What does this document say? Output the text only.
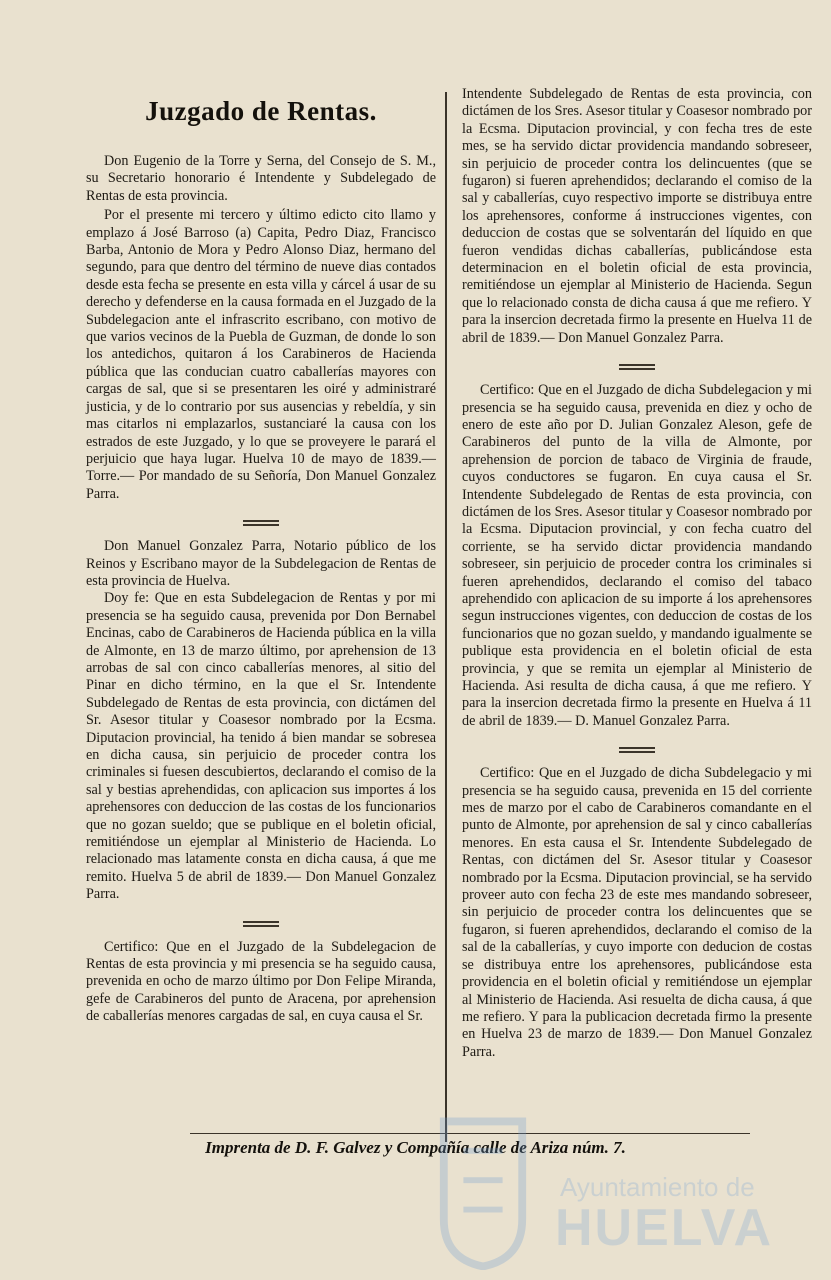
Juzgado de Rentas.

Don Eugenio de la Torre y Serna, del Consejo de S. M., su Secretario honorario é Intendente y Subdelegado de Rentas de esta provincia.

Por el presente mi tercero y último edicto cito llamo y emplazo á José Barroso (a) Capita, Pedro Diaz, Francisco Barba, Antonio de Mora y Pedro Alonso Diaz, hermano del segundo, para que dentro del término de nueve dias contados desde esta fecha se presente en esta villa y cárcel á usar de su derecho y defenderse en la causa formada en el Juzgado de la Subdelegacion ante el infrascrito escribano, con motivo de que varios vecinos de la Puebla de Guzman, de donde lo son los antedichos, quitaron á los Carabineros de Hacienda pública que las conducian cuatro caballerías mayores con cargas de sal, que si se presentaren les oiré y administraré justicia, y de lo contrario por sus ausencias y rebeldía, y sin mas citarlos ni emplazarlos, sustanciaré la causa con los estrados de este Juzgado, y lo que se proveyere le parará el perjuicio que haya lugar. Huelva 10 de mayo de 1839.— Torre.— Por mandado de su Señoría, Don Manuel Gonzalez Parra.

Don Manuel Gonzalez Parra, Notario público de los Reinos y Escribano mayor de la Subdelegacion de Rentas de esta provincia de Huelva.

Doy fe: Que en esta Subdelegacion de Rentas y por mi presencia se ha seguido causa, prevenida por Don Bernabel Encinas, cabo de Carabineros de Hacienda pública en la villa de Almonte, en 13 de marzo último, por aprehension de 13 arrobas de sal con cinco caballerías menores, al sitio del Pinar en dicho término, en la que el Sr. Intendente Subdelegado de Rentas de esta provincia, con dictámen del Sr. Asesor titular y Coasesor nombrado por la Ecsma. Diputacion provincial, ha tenido á bien mandar se sobresea en dicha causa, sin perjuicio de proceder contra los criminales si fuesen descubiertos, declarando el comiso de la sal y bestias aprehendidas, con aplicacion sus importes á los aprehensores con deduccion de las costas de los funcionarios que no gozan sueldo; que se publique en el boletin oficial, remitiéndose un ejemplar al Ministerio de Hacienda. Lo relacionado mas latamente consta en dicha causa, á que me remito. Huelva 5 de abril de 1839.— Don Manuel Gonzalez Parra.

Certifico: Que en el Juzgado de la Subdelegacion de Rentas de esta provincia y mi presencia se ha seguido causa, prevenida en ocho de marzo último por Don Felipe Miranda, gefe de Carabineros del punto de Aracena, por aprehension de caballerías menores cargadas de sal, en cuya causa el Sr.

Intendente Subdelegado de Rentas de esta provincia, con dictámen de los Sres. Asesor titular y Coasesor nombrado por la Ecsma. Diputacion provincial, y con fecha tres de este mes, se ha servido dictar providencia mandando sobreseer, sin perjuicio de proceder contra los delincuentes (que se fugaron) si fueren aprehendidos; declarando el comiso de la sal y caballerías, cuyo respectivo importe se distribuya entre los aprehensores, conforme á instrucciones vigentes, con deduccion de costas que se solventarán del líquido en que fueron vendidas dichas caballerías, publicándose esta determinacion en el boletin oficial de esta provincia, remitiéndose un ejemplar al Ministerio de Hacienda. Segun que lo relacionado consta de dicha causa á que me refiero. Y para la insercion decretada firmo la presente en Huelva 11 de abril de 1839.— Don Manuel Gonzalez Parra.

Certifico: Que en el Juzgado de dicha Subdelegacion y mi presencia se ha seguido causa, prevenida en diez y ocho de enero de este año por D. Julian Gonzalez Aleson, gefe de Carabineros del punto de la villa de Almonte, por aprehension de porcion de tabaco de Virginia de fraude, cuyos conductores se fugaron. En cuya causa el Sr. Intendente Subdelegado de Rentas de esta provincia, con dictámen de los Sres. Asesor titular y Coasesor nombrado por la Ecsma. Diputacion provincial, y con fecha cuatro del corriente, se ha servido dictar providencia mandando sobreseer, sin perjuicio de proceder contra los criminales si fueren aprehendidos, declarando el comiso del tabaco aprehendido con aplicacion de su importe á los aprehensores segun instrucciones vigentes, con deduccion de costas de los funcionarios que no gozan sueldo, y mandando igualmente se publique esta providencia en el boletin oficial de esta provincia, y que se remita un ejemplar al Ministerio de Hacienda. Asi resulta de dicha causa, á que me refiero. Y para la insercion decretada firmo la presente en Huelva á 11 de abril de 1839.— D. Manuel Gonzalez Parra.

Certifico: Que en el Juzgado de dicha Subdelegacio y mi presencia se ha seguido causa, prevenida en 15 del corriente mes de marzo por el cabo de Carabineros comandante en el punto de Almonte, por aprehension de sal y cinco caballerías menores. En esta causa el Sr. Intendente Subdelegado de Rentas, con dictámen del Sr. Asesor titular y Coasesor nombrado por la Ecsma. Diputacion provincial, se ha servido proveer auto con fecha 23 de este mes mandando sobreseer, sin perjuicio de proceder contra los delincuentes que se fugaron, si fueren aprehendidos, declarando el comiso de la sal de la caballerías, y cuyo importe con deducion de costas se distribuya entre los aprehensores, publicándose esta providencia en el boletin oficial y remitiéndose un ejemplar al Ministerio de Hacienda. Asi resuelta de dicha causa, á que me refiero. Y para la publicacion decretada firmo la presente en Huelva 23 de marzo de 1839.— Don Manuel Gonzalez Parra.

Imprenta de D. F. Galvez y Compañía calle de Ariza núm. 7.
Ayuntamiento de
HUELVA
